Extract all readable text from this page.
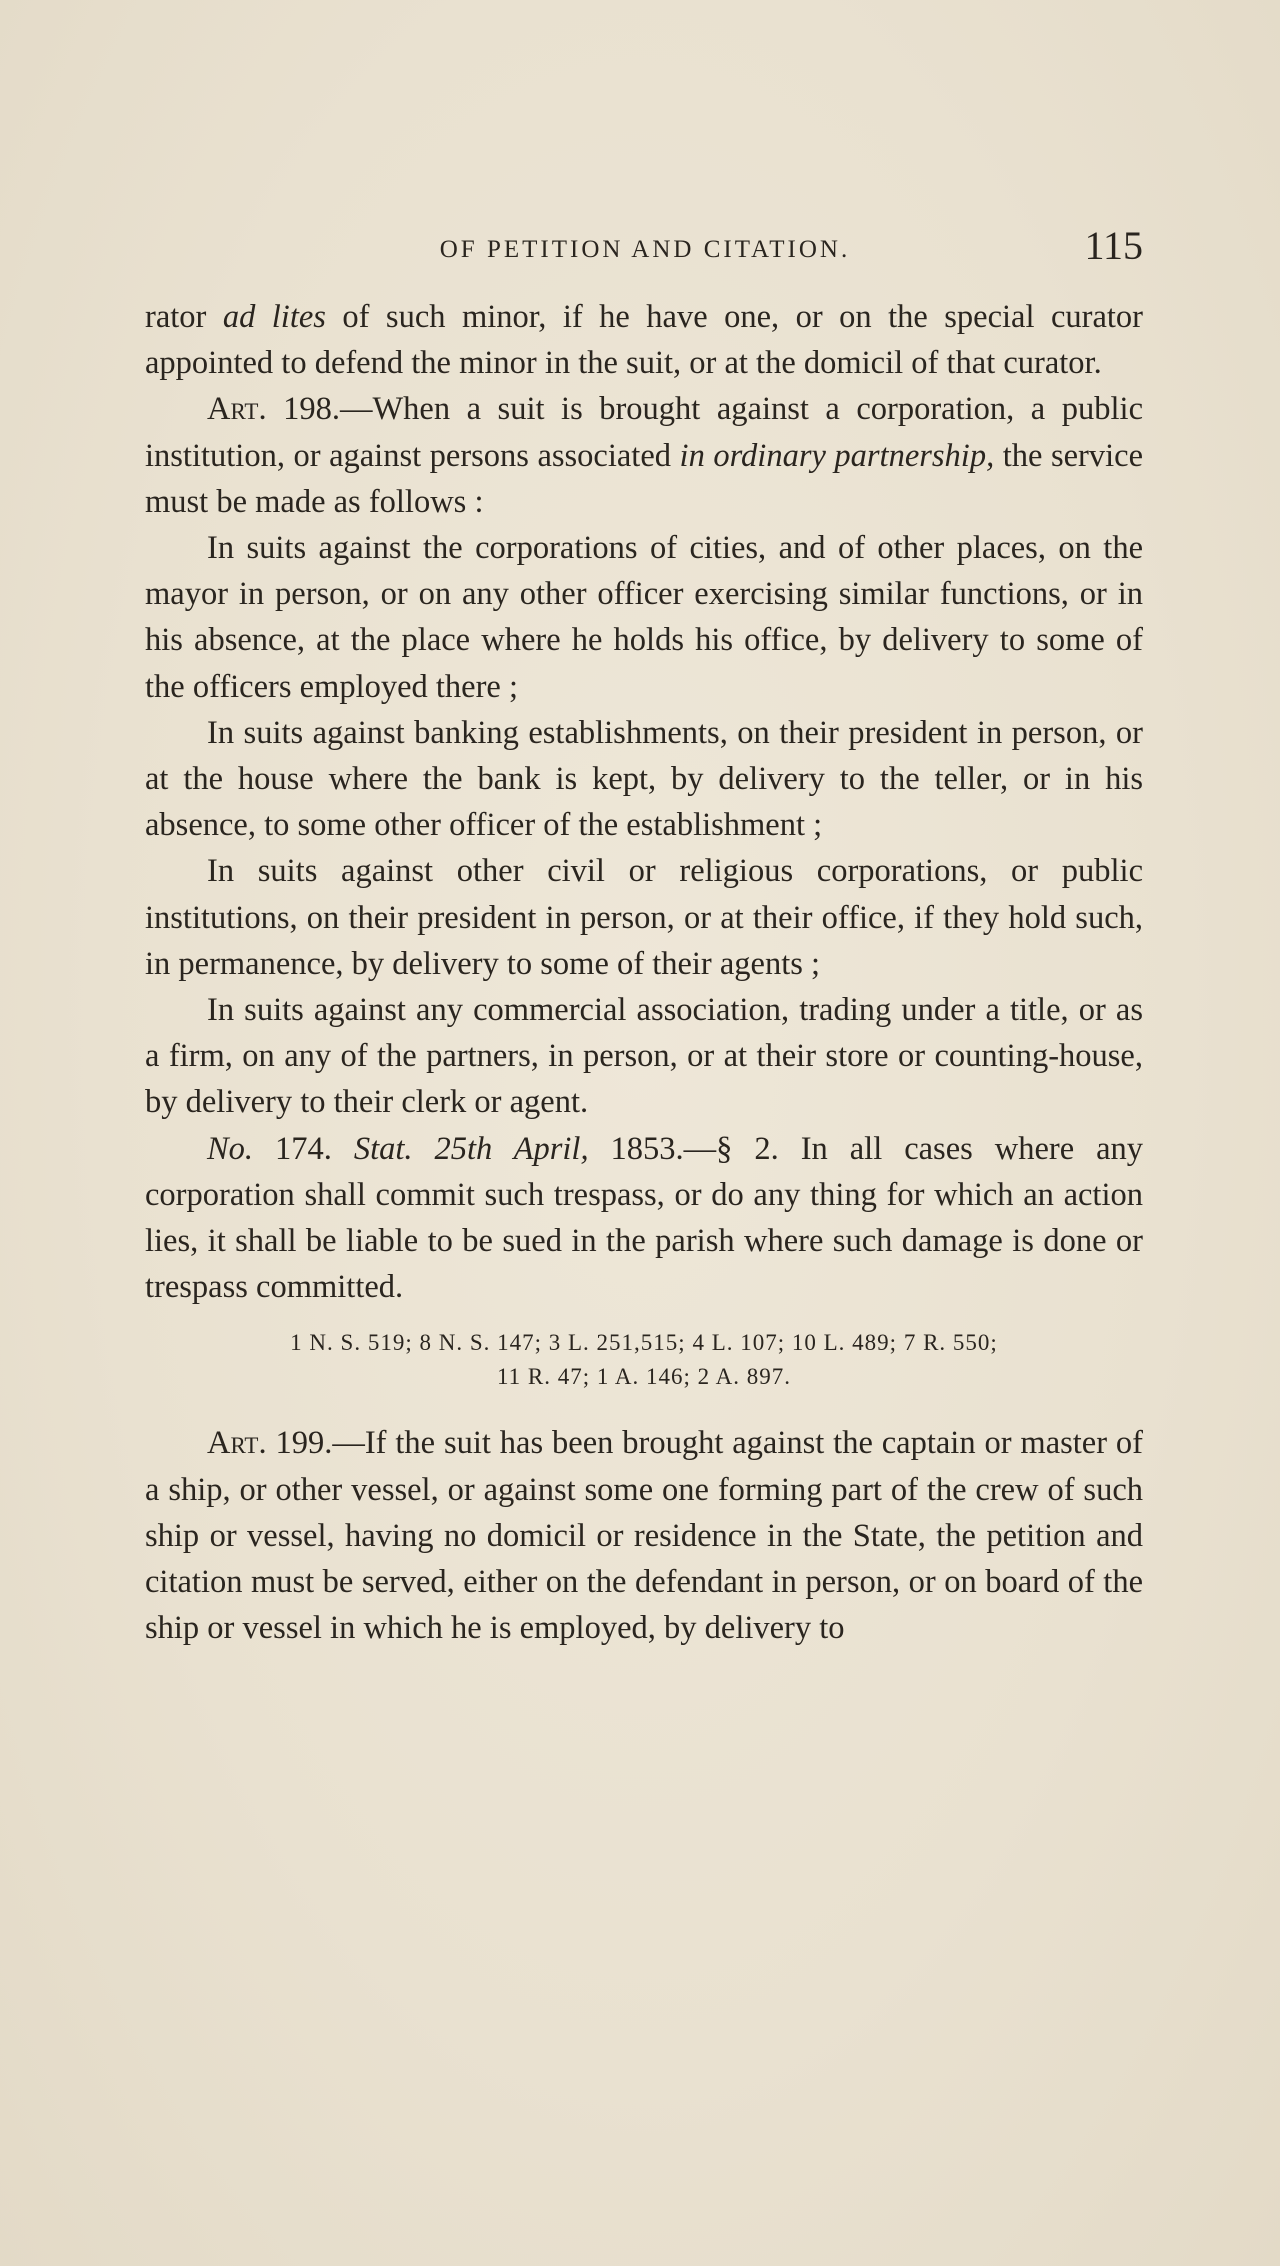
OF PETITION AND CITATION.	115

rator ad lites of such minor, if he have one, or on the special curator appointed to defend the minor in the suit, or at the domicil of that curator.

Art. 198.—When a suit is brought against a corporation, a public institution, or against persons associated in ordinary partnership, the service must be made as follows :

In suits against the corporations of cities, and of other places, on the mayor in person, or on any other officer exercising similar functions, or in his absence, at the place where he holds his office, by delivery to some of the officers employed there ;

In suits against banking establishments, on their president in person, or at the house where the bank is kept, by delivery to the teller, or in his absence, to some other officer of the establishment ;

In suits against other civil or religious corporations, or public institutions, on their president in person, or at their office, if they hold such, in permanence, by delivery to some of their agents ;

In suits against any commercial association, trading under a title, or as a firm, on any of the partners, in person, or at their store or counting-house, by delivery to their clerk or agent.

No. 174. Stat. 25th April, 1853.—§ 2. In all cases where any corporation shall commit such trespass, or do any thing for which an action lies, it shall be liable to be sued in the parish where such damage is done or trespass committed.

1 N. S. 519; 8 N. S. 147; 3 L. 251,515; 4 L. 107; 10 L. 489; 7 R. 550;
11 R. 47; 1 A. 146; 2 A. 897.

Art. 199.—If the suit has been brought against the captain or master of a ship, or other vessel, or against some one forming part of the crew of such ship or vessel, having no domicil or residence in the State, the petition and citation must be served, either on the defendant in person, or on board of the ship or vessel in which he is employed, by delivery to
